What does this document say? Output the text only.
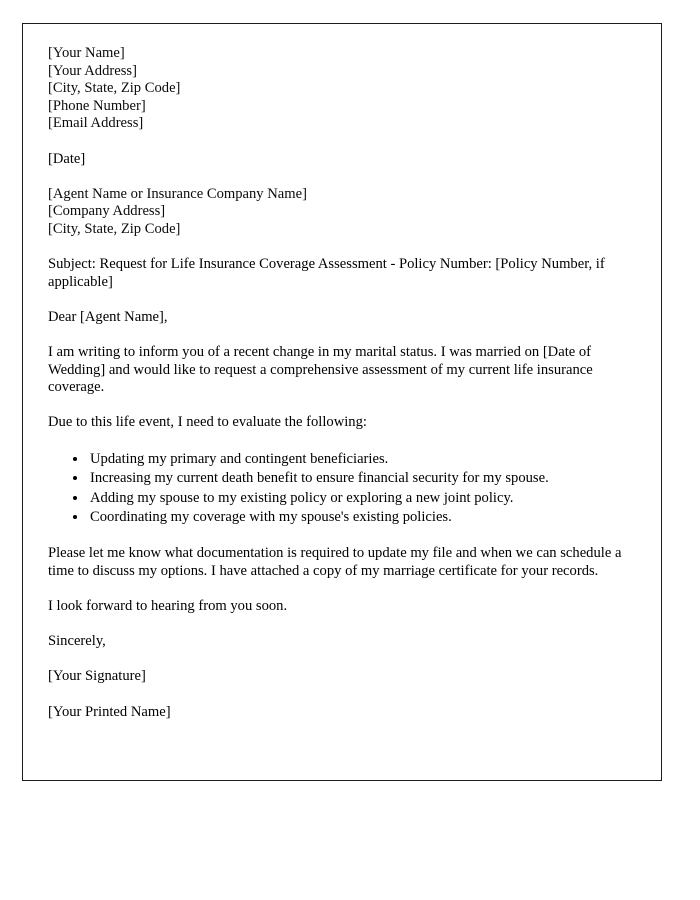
[Your Name]
[Your Address]
[City, State, Zip Code]
[Phone Number]
[Email Address]

[Date]

[Agent Name or Insurance Company Name]
[Company Address]
[City, State, Zip Code]

Subject: Request for Life Insurance Coverage Assessment - Policy Number: [Policy Number, if applicable]

Dear [Agent Name],

I am writing to inform you of a recent change in my marital status. I was married on [Date of Wedding] and would like to request a comprehensive assessment of my current life insurance coverage.

Due to this life event, I need to evaluate the following:

• Updating my primary and contingent beneficiaries.
• Increasing my current death benefit to ensure financial security for my spouse.
• Adding my spouse to my existing policy or exploring a new joint policy.
• Coordinating my coverage with my spouse's existing policies.

Please let me know what documentation is required to update my file and when we can schedule a time to discuss my options. I have attached a copy of my marriage certificate for your records.

I look forward to hearing from you soon.

Sincerely,

[Your Signature]

[Your Printed Name]
